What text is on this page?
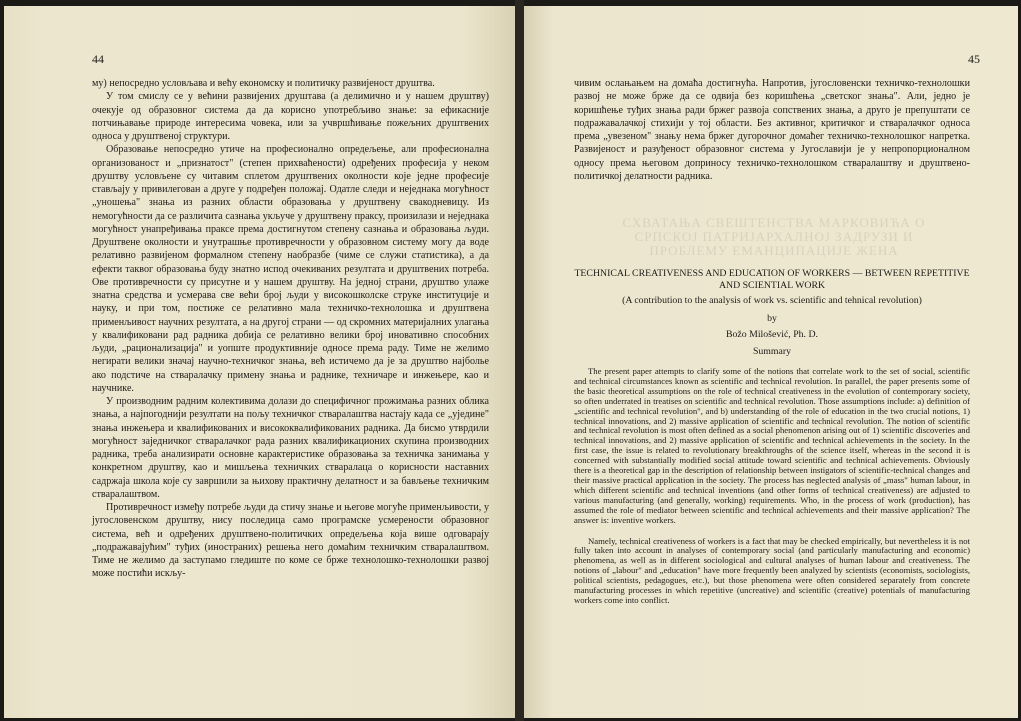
44

му) непосредно условљава и већу економску и политичку развијеност друштва.

У том смислу се у већини развијених друштава (а делимично и у нашем друштву) очекује од образовног система да да корисно употребљиво знање: за ефикасније потчињавање природе интересима човека, или за учвршћивање пожељних друштвених односа у друштвеној структури.

Образовање непосредно утиче на професионално опредељење, али професионална организованост и „признатост" (степен прихваћености) одређених професија у неком друштву условљене су читавим сплетом друштвених околности које једне професије стављају у привилегован а друге у подређен положај. Одатле следи и неједнака могућност „уношења" знања из разних области образовања у друштвену свакодневицу. Из немогућности да се различита сазнања укључе у друштвену праксу, произилази и неједнака могућност унапређивања праксе према достигнутом степену сазнања и образовања људи. Друштвене околности и унутрашње противречности у образовном систему могу да воде релативно развијеном формалном степену наобразбе (чиме се служи статистика), а да ефекти таквог образовања буду знатно испод очекиваних резултата и друштвених потреба. Ове противречности су присутне и у нашем друштву. На једној страни, друштво улаже знатна средства и усмерава све већи број људи у високошколске струке институције и науку, и при том, постиже се релативно мала техничко-технолошка и друштвена применљивост научних резултата, а на другој страни — од скромних материјалних улагања у квалификовани рад радника добија се релативно велики број иновативно способних људи, „рационализација" и уопште продуктивније односе према раду. Тиме не желимо негирати велики значај научно-техничког знања, већ истичемо да је за друштво најболье ако подстиче на стваралачку примену знања и раднике, техничаре и инжењере, као и научнике.

У производним радним колективима долази до специфичног прожимања разних облика знања, а најпогоднији резултати на пољу техничког стваралаштва настају када се „уједине" знања инжењера и квалификованих и висококвалификованих радника. Да бисмо утврдили могућност заједничког стваралачког рада разних квалификационих скупина производних радника, треба анализирати основне карактеристике образовања за техничка занимања у конкретном друштву, као и мишљења техничких стваралаца о корисности наставних садржаја школа које су завршили за њихову практичну делатност и за бављење техничким стваралаштвом.

Противречност између потребе људи да стичу знање и његове могуће применљивости, у југословенском друштву, нису последица само програмске усмерености образовног система, већ и одређених друштвено-политичких опредељења која више одговарају „подражавајућим" туђих (иностраних) решења него домаћим техничким стваралаштвом. Тиме не желимо да заступамо гледиште по коме се брже технолошко-технолошки развој може постићи искљу-

45

чивим ослањањем на домаћа достигнућа. Напротив, југословенски техничко-технолошки развој не може брже да се одвија без коришћења „светског знања". Али, једно је коришћење туђих знања ради бржег развоја сопствених знања, а друго је препуштати се подражавалачкој стихији у тој области. Без активног, критичког и стваралачког односа према „увезеном" знању нема бржег дугорочног домаћег техничко-технолошког напретка. Развијеност и разуђеност образовног система у Југославији је у непропорционалном односу према његовом доприносу техничко-технолошком стваралаштву и друштвено-политичкој делатности радника.

СХВАТАЊА СВЕШТЕНСТВА МАРКОВИЋА О СРПСКОЈ ПАТРИЈАРХАЛНОЈ ЗАДРУЗИ И ПРОБЛЕМУ ЕМАНЦИПАЦИЈЕ ЖЕНА
TECHNICAL CREATIVENESS AND EDUCATION OF WORKERS — BETWEEN REPETITIVE AND SCIENTIAL WORK
(A contribution to the analysis of work vs. scientific and tehnical revolution)
by
Božo Milošević, Ph. D.
Summary

The present paper attempts to clarify some of the notions that correlate work to the set of social, scientific and technical circumstances known as scientific and technical revolution. In parallel, the paper presents some of the basic theoretical assumptions on the role of technical creativeness in the evolution of contemporary society, so often underrated in treatises on scientific and technical revolution. Those assumptions include: a) definition of „scientific and technical revolution", and b) understanding of the role of education in the two crucial notions, 1) technical innovations, and 2) massive application of scientific and technical revolution. The notion of scientific and technical revolution is most often defined as a social phenomenon arising out of 1) scientific discoveries and technical innovations, and 2) massive application of scientific and technical achievements in the society. In the first case, the issue is related to revolutionary breakthroughs of the science itself, whereas in the second it is concerned with substantially modified social attitude toward scientific and technical achievements. Obviously there is a theoretical gap in the description of relationship between instigators of scientific-technical changes and their massive practical application in the society. The process has neglected analysis of „mass" human labour, in which different scientific and technical inventions (and other forms of technical creativeness) are adjusted to various manufacturing (and generally, working) requirements. Who, in the process of work (production), has assumed the role of mediator between scientific and technical achievements and their massive application? The answer is: inventive workers.

Namely, technical creativeness of workers is a fact that may be checked empirically, but nevertheless it is not fully taken into account in analyses of contemporary social (and particularly manufacturing and economic) phenomena, as well as in different sociological and cultural analyses of human labour and creativeness. The notions of „labour" and „education" have more frequently been analyzed by scientists (economists, sociologists, political scientists, pedagogues, etc.), but those phenomena were often considered separately from concrete manufacturing processes in which repetitive (uncreative) and scientific (creative) potentials of manufacturing workers come into conflict.
